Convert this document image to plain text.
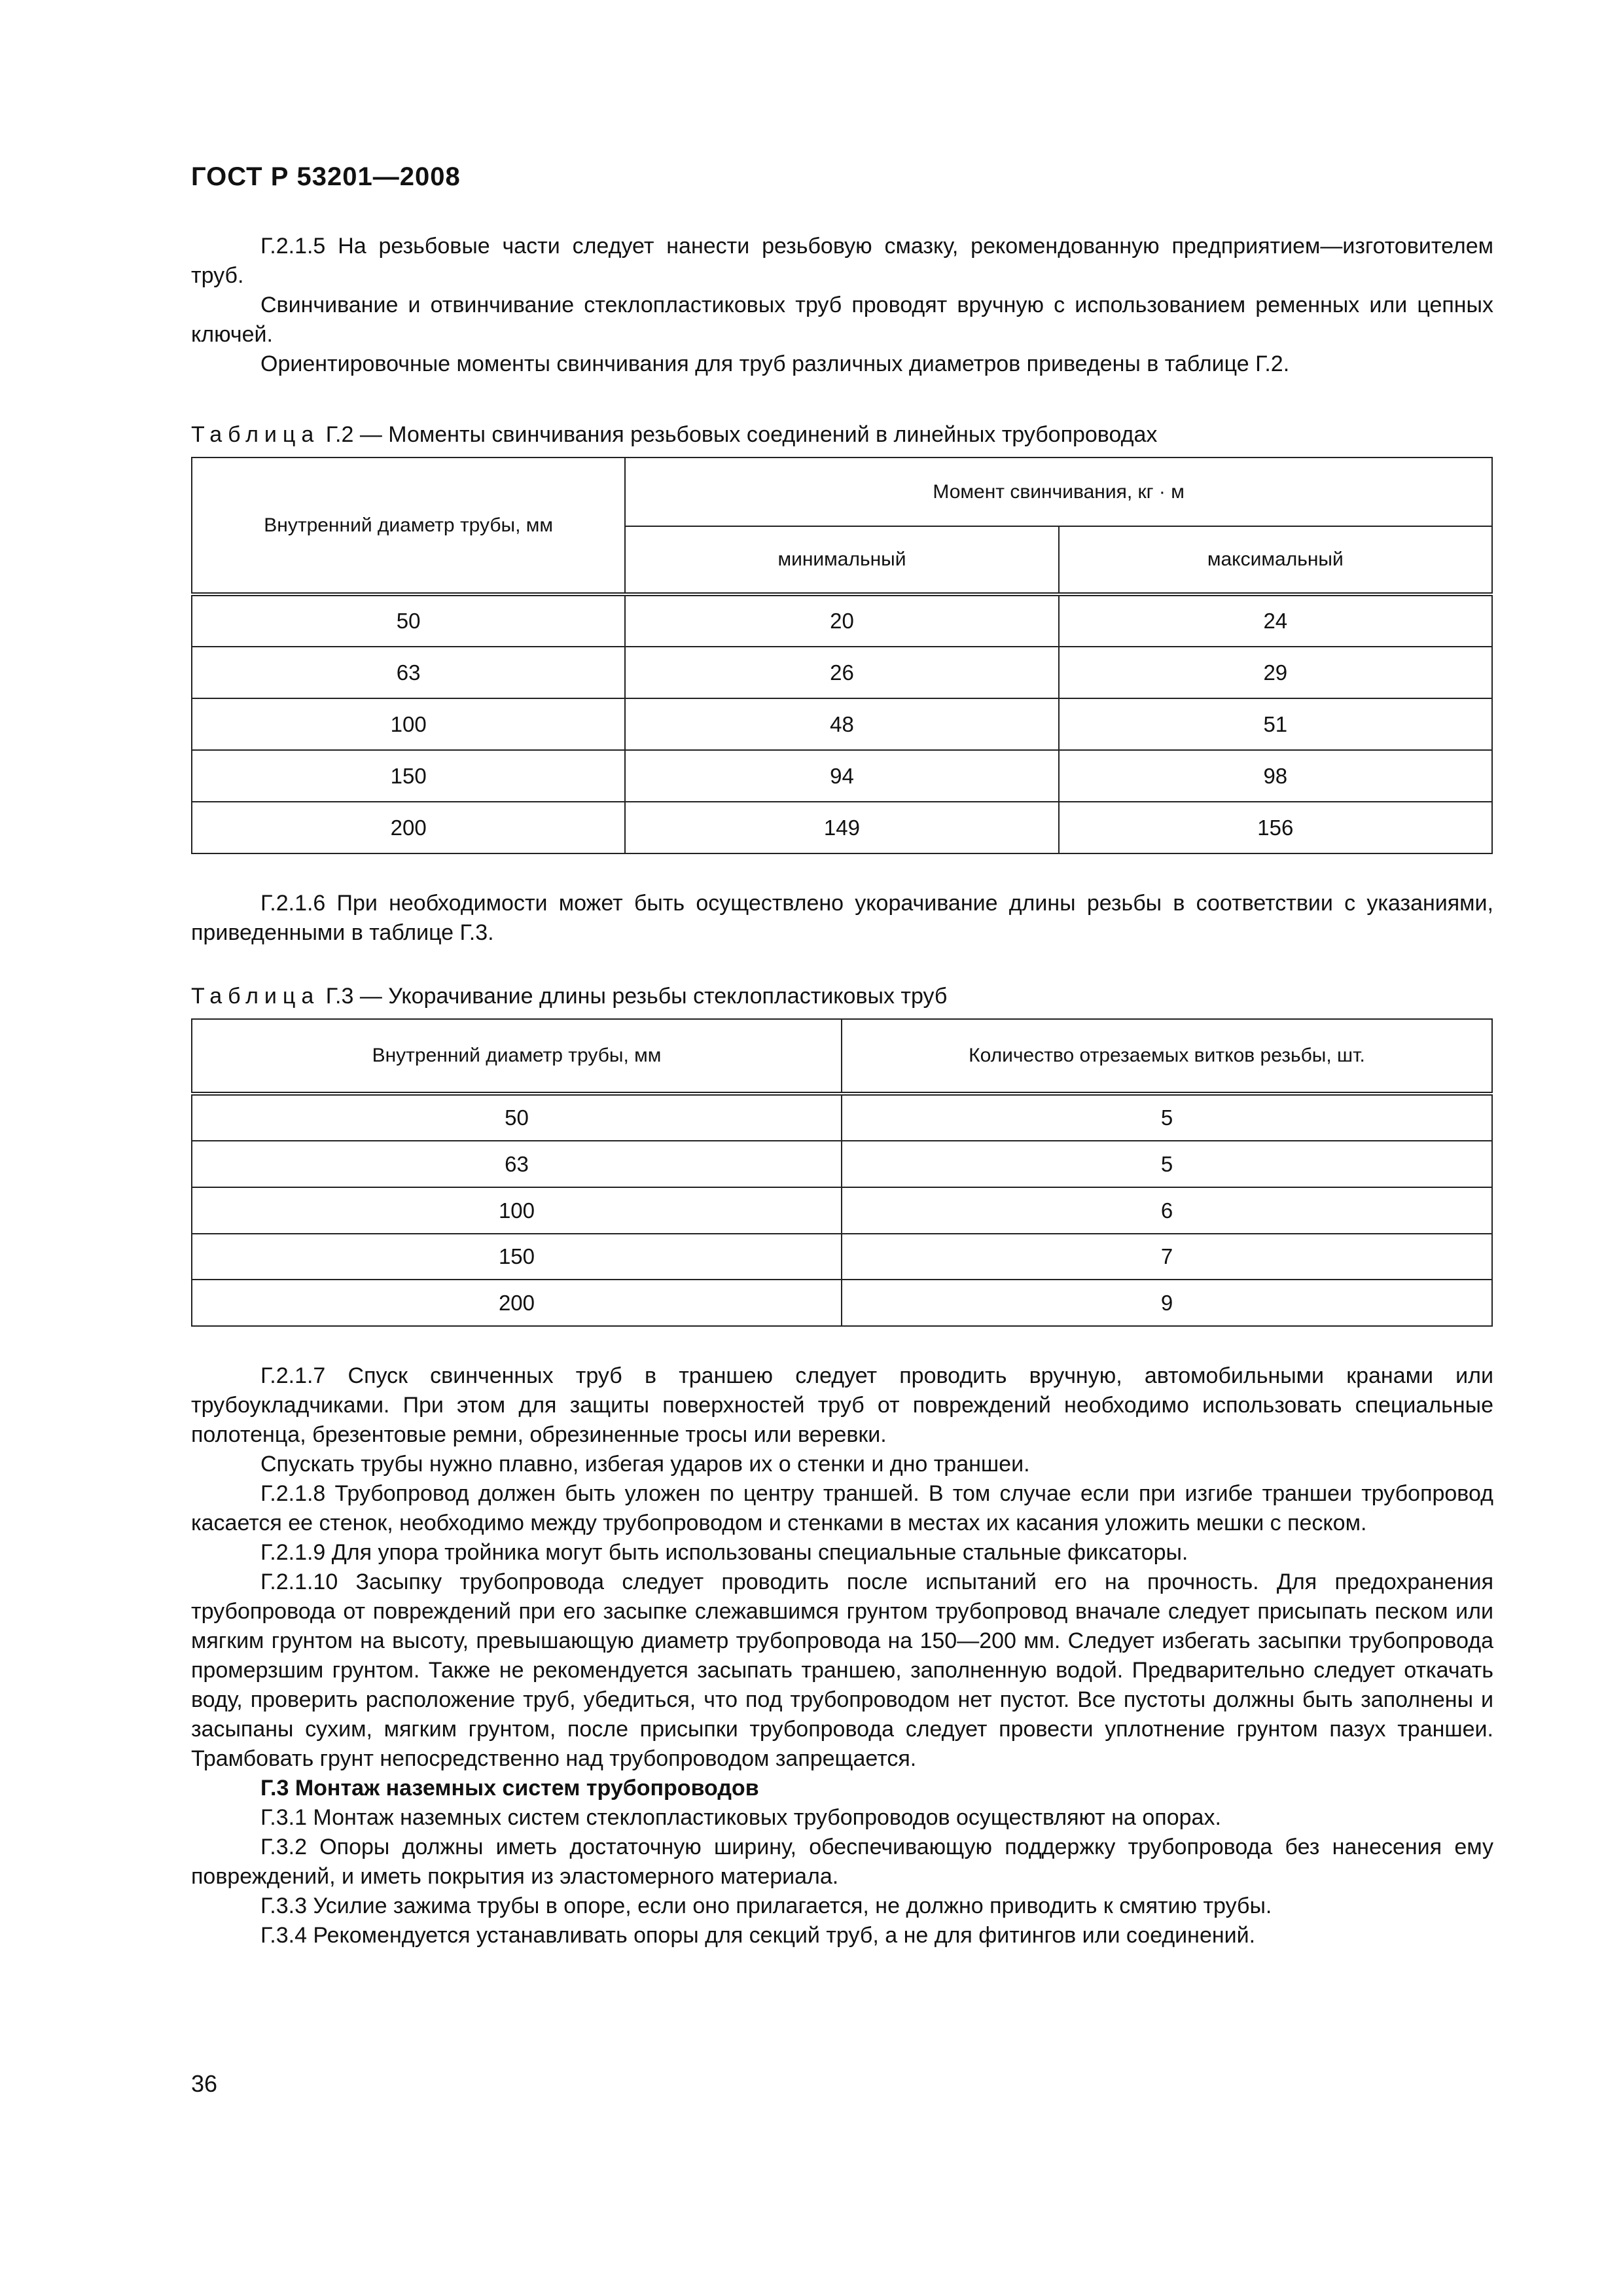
ГОСТ Р 53201—2008

Г.2.1.5 На резьбовые части следует нанести резьбовую смазку, рекомендованную предприятием—изготовителем труб.

Свинчивание и отвинчивание стеклопластиковых труб проводят вручную с использованием ременных или цепных ключей.

Ориентировочные моменты свинчивания для труб различных диаметров приведены в таблице Г.2.

Таблица Г.2 — Моменты свинчивания резьбовых соединений в линейных трубопроводах
Внутренний диаметр трубы, мм	Момент свинчивания, кг · м	
	минимальный	максимальный
50	20	24
63	26	29
100	48	51
150	94	98
200	149	156

Г.2.1.6 При необходимости может быть осуществлено укорачивание длины резьбы в соответствии с указаниями, приведенными в таблице Г.3.

Таблица Г.3 — Укорачивание длины резьбы стеклопластиковых труб
Внутренний диаметр трубы, мм	Количество отрезаемых витков резьбы, шт.
50	5
63	5
100	6
150	7
200	9

Г.2.1.7 Спуск свинченных труб в траншею следует проводить вручную, автомобильными кранами или трубоукладчиками. При этом для защиты поверхностей труб от повреждений необходимо использовать специальные полотенца, брезентовые ремни, обрезиненные тросы или веревки.

Спускать трубы нужно плавно, избегая ударов их о стенки и дно траншеи.

Г.2.1.8 Трубопровод должен быть уложен по центру траншей. В том случае если при изгибе траншеи трубопровод касается ее стенок, необходимо между трубопроводом и стенками в местах их касания уложить мешки с песком.

Г.2.1.9 Для упора тройника могут быть использованы специальные стальные фиксаторы.

Г.2.1.10 Засыпку трубопровода следует проводить после испытаний его на прочность. Для предохранения трубопровода от повреждений при его засыпке слежавшимся грунтом трубопровод вначале следует присыпать песком или мягким грунтом на высоту, превышающую диаметр трубопровода на 150—200 мм. Следует избегать засыпки трубопровода промерзшим грунтом. Также не рекомендуется засыпать траншею, заполненную водой. Предварительно следует откачать воду, проверить расположение труб, убедиться, что под трубопроводом нет пустот. Все пустоты должны быть заполнены и засыпаны сухим, мягким грунтом, после присыпки трубопровода следует провести уплотнение грунтом пазух траншеи. Трамбовать грунт непосредственно над трубопроводом запрещается.

Г.3 Монтаж наземных систем трубопроводов

Г.3.1 Монтаж наземных систем стеклопластиковых трубопроводов осуществляют на опорах.

Г.3.2 Опоры должны иметь достаточную ширину, обеспечивающую поддержку трубопровода без нанесения ему повреждений, и иметь покрытия из эластомерного материала.

Г.3.3 Усилие зажима трубы в опоре, если оно прилагается, не должно приводить к смятию трубы.

Г.3.4 Рекомендуется устанавливать опоры для секций труб, а не для фитингов или соединений.

36
